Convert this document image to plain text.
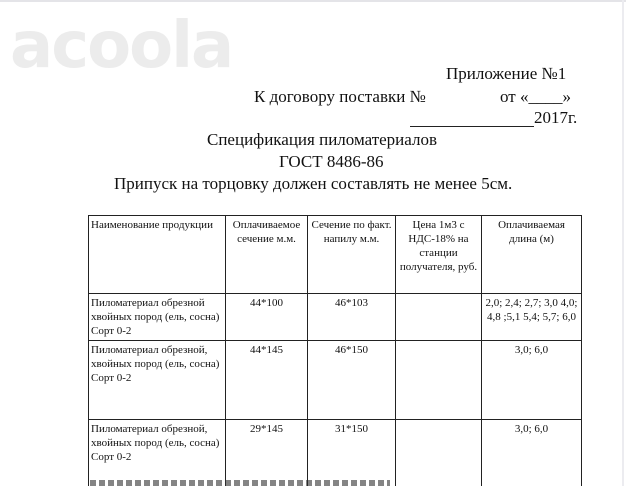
acoola	Приложение №1
К договору поставки №	от «____»
2017г.
Спецификация пиломатериалов
ГОСТ 8486-86
Припуск на торцовку должен составлять не менее 5см.
Наименование продукции	Оплачиваемое сечение м.м.	Сечение по факт. напилу м.м.	Цена 1м3 с НДС-18% на станции получателя, руб.	Оплачиваемая длина (м)
Пиломатериал обрезной хвойных пород (ель, сосна) Сорт 0-2	44*100	46*103		2,0; 2,4; 2,7; 3,0 4,0; 4,8 ;5,1 5,4; 5,7; 6,0
Пиломатериал обрезной, хвойных пород (ель, сосна) Сорт 0-2	44*145	46*150		3,0; 6,0
Пиломатериал обрезной, хвойных пород (ель, сосна) Сорт 0-2	29*145	31*150		3,0; 6,0
